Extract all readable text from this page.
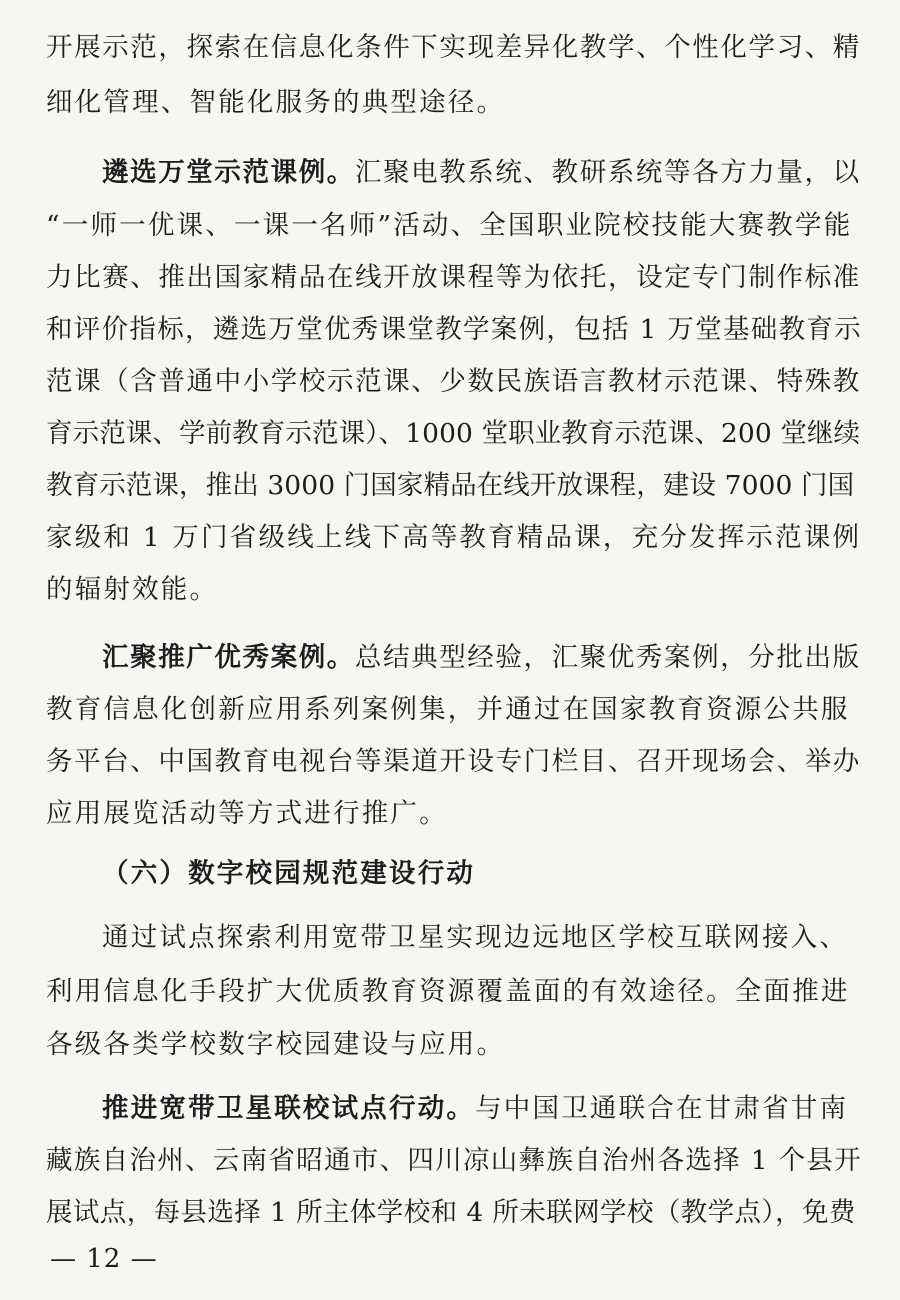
开展示范，探索在信息化条件下实现差异化教学、个性化学习、精
细化管理、智能化服务的典型途径。
遴选万堂示范课例。汇聚电教系统、教研系统等各方力量，以
“一师一优课、一课一名师”活动、全国职业院校技能大赛教学能
力比赛、推出国家精品在线开放课程等为依托，设定专门制作标准
和评价指标，遴选万堂优秀课堂教学案例，包括 1 万堂基础教育示
范课（含普通中小学校示范课、少数民族语言教材示范课、特殊教
育示范课、学前教育示范课）、1000 堂职业教育示范课、200 堂继续
教育示范课，推出 3000 门国家精品在线开放课程，建设 7000 门国
家级和 1 万门省级线上线下高等教育精品课，充分发挥示范课例
的辐射效能。
汇聚推广优秀案例。总结典型经验，汇聚优秀案例，分批出版
教育信息化创新应用系列案例集，并通过在国家教育资源公共服
务平台、中国教育电视台等渠道开设专门栏目、召开现场会、举办
应用展览活动等方式进行推广。
（六）数字校园规范建设行动
通过试点探索利用宽带卫星实现边远地区学校互联网接入、
利用信息化手段扩大优质教育资源覆盖面的有效途径。全面推进
各级各类学校数字校园建设与应用。
推进宽带卫星联校试点行动。与中国卫通联合在甘肃省甘南
藏族自治州、云南省昭通市、四川凉山彝族自治州各选择 1 个县开
展试点，每县选择 1 所主体学校和 4 所未联网学校（教学点），免费
— 12 —
